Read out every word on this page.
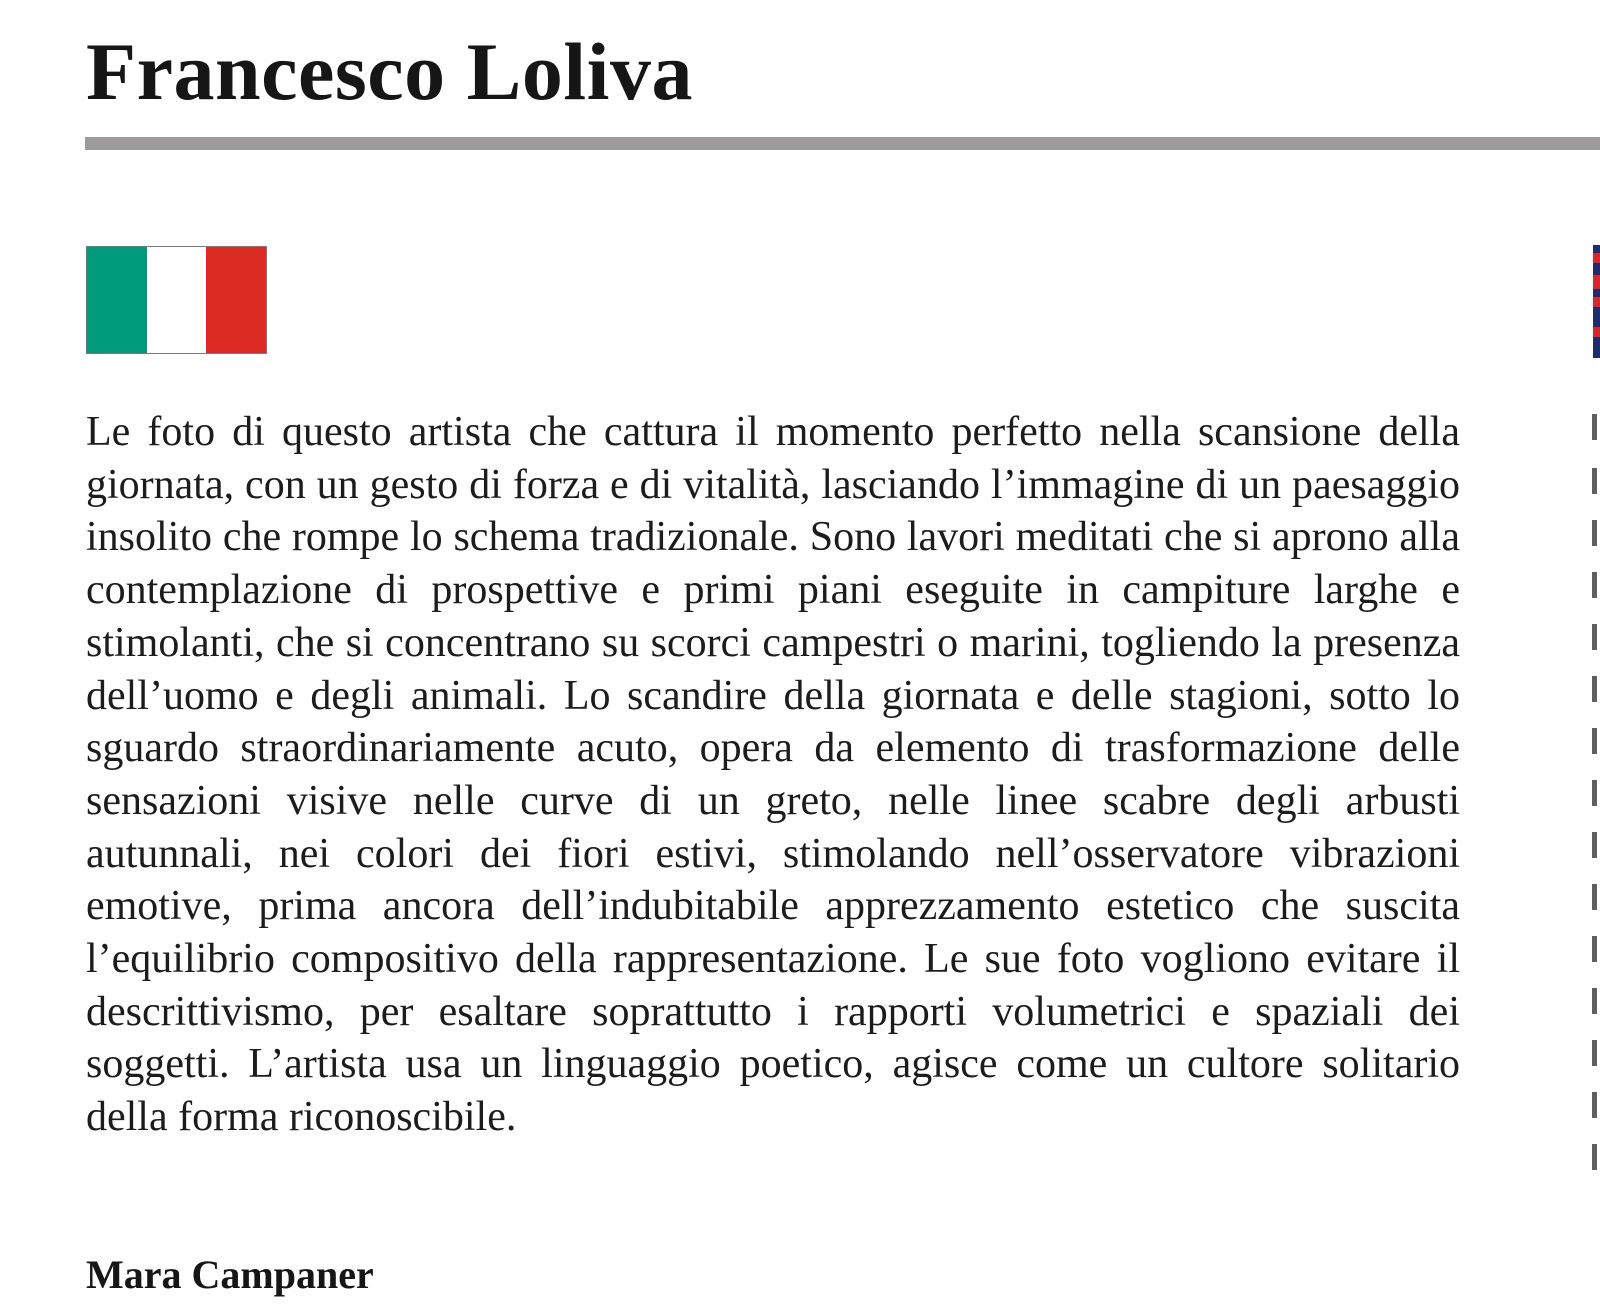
Francesco Loliva

Le foto di questo artista che cattura il momento perfetto nella scansione della giornata, con un gesto di forza e di vitalità, lasciando l’immagine di un paesaggio insolito che rompe lo schema tradizionale. Sono lavori meditati che si aprono alla contemplazione di prospettive e primi piani eseguite in campiture larghe e stimolanti, che si concentrano su scorci campestri o marini, togliendo la presenza dell’uomo e degli animali. Lo scandire della giornata e delle stagioni, sotto lo sguardo straordinariamente acuto, opera da elemento di trasformazione delle sensazioni visive nelle curve di un greto, nelle linee scabre degli arbusti autunnali, nei colori dei fiori estivi, stimolando nell’osservatore vibrazioni emotive, prima ancora dell’indubitabile apprezzamento estetico che suscita l’equilibrio compositivo della rappresentazione. Le sue foto vogliono evitare il descrittivismo, per esaltare soprattutto i rapporti volumetrici e spaziali dei soggetti. L’artista usa un linguaggio poetico, agisce come un cultore solitario della forma riconoscibile.

Mara Campaner
